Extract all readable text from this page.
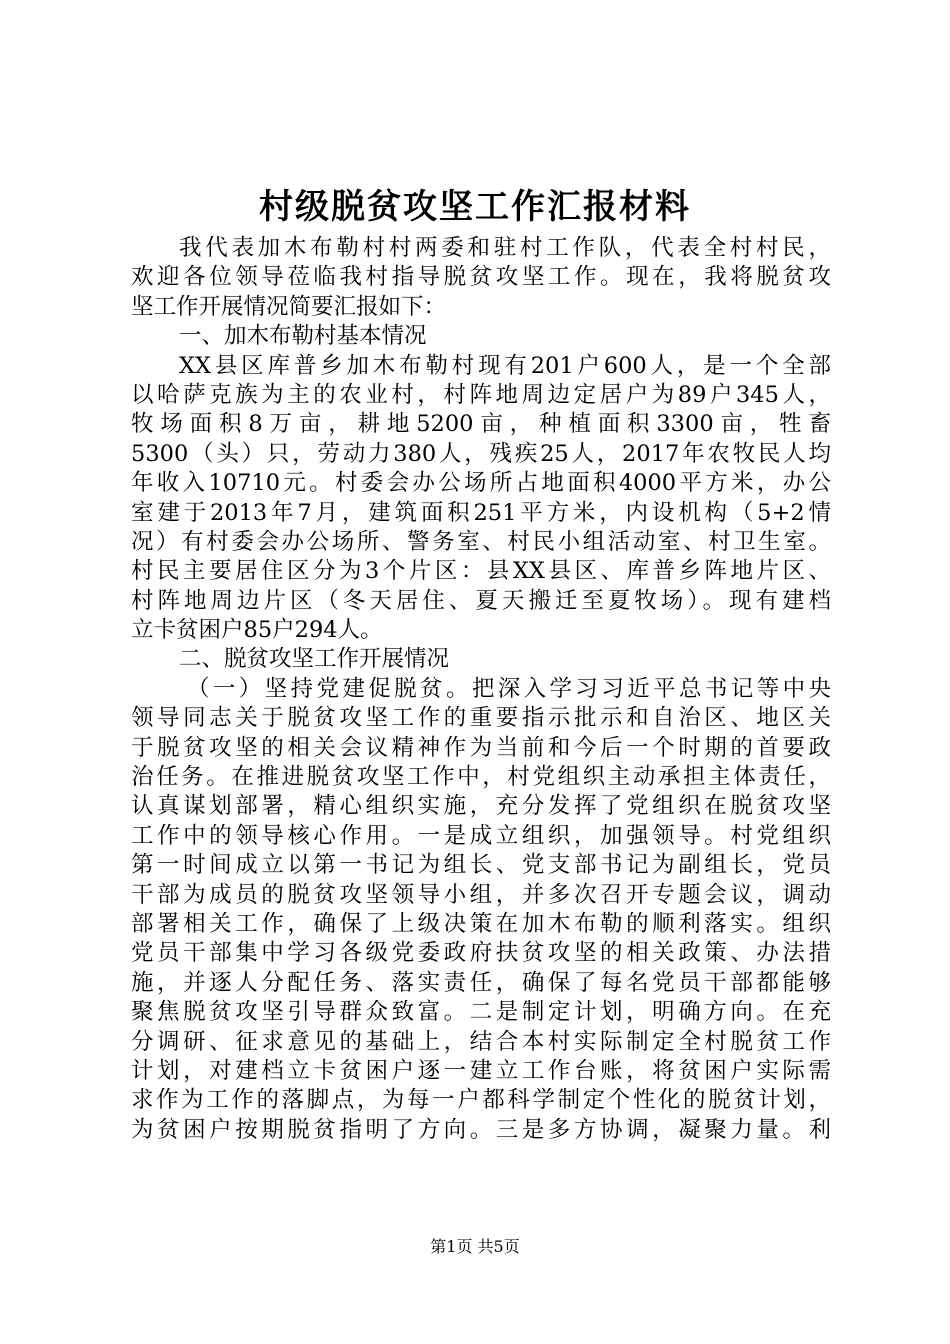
村级脱贫攻坚工作汇报材料
我代表加木布勒村村两委和驻村工作队，代表全村村民，
欢迎各位领导莅临我村指导脱贫攻坚工作。现在，我将脱贫攻
坚工作开展情况简要汇报如下：
一、加木布勒村基本情况
XX县区库普乡加木布勒村现有201户600人，是一个全部
以哈萨克族为主的农业村，村阵地周边定居户为89户345人，
牧场面积8万亩，耕地5200亩，种植面积3300亩，牲畜
5300（头）只，劳动力380人，残疾25人，2017年农牧民人均
年收入10710元。村委会办公场所占地面积4000平方米，办公
室建于2013年7月，建筑面积251平方米，内设机构（5+2情
况）有村委会办公场所、警务室、村民小组活动室、村卫生室。
村民主要居住区分为3个片区：县XX县区、库普乡阵地片区、
村阵地周边片区（冬天居住、夏天搬迁至夏牧场）。现有建档
立卡贫困户85户294人。
二、脱贫攻坚工作开展情况
（一）坚持党建促脱贫。把深入学习习近平总书记等中央
领导同志关于脱贫攻坚工作的重要指示批示和自治区、地区关
于脱贫攻坚的相关会议精神作为当前和今后一个时期的首要政
治任务。在推进脱贫攻坚工作中，村党组织主动承担主体责任，
认真谋划部署，精心组织实施，充分发挥了党组织在脱贫攻坚
工作中的领导核心作用。一是成立组织，加强领导。村党组织
第一时间成立以第一书记为组长、党支部书记为副组长，党员
干部为成员的脱贫攻坚领导小组，并多次召开专题会议，调动
部署相关工作，确保了上级决策在加木布勒的顺利落实。组织
党员干部集中学习各级党委政府扶贫攻坚的相关政策、办法措
施，并逐人分配任务、落实责任，确保了每名党员干部都能够
聚焦脱贫攻坚引导群众致富。二是制定计划，明确方向。在充
分调研、征求意见的基础上，结合本村实际制定全村脱贫工作
计划，对建档立卡贫困户逐一建立工作台账，将贫困户实际需
求作为工作的落脚点，为每一户都科学制定个性化的脱贫计划，
为贫困户按期脱贫指明了方向。三是多方协调，凝聚力量。利
第1页 共5页
